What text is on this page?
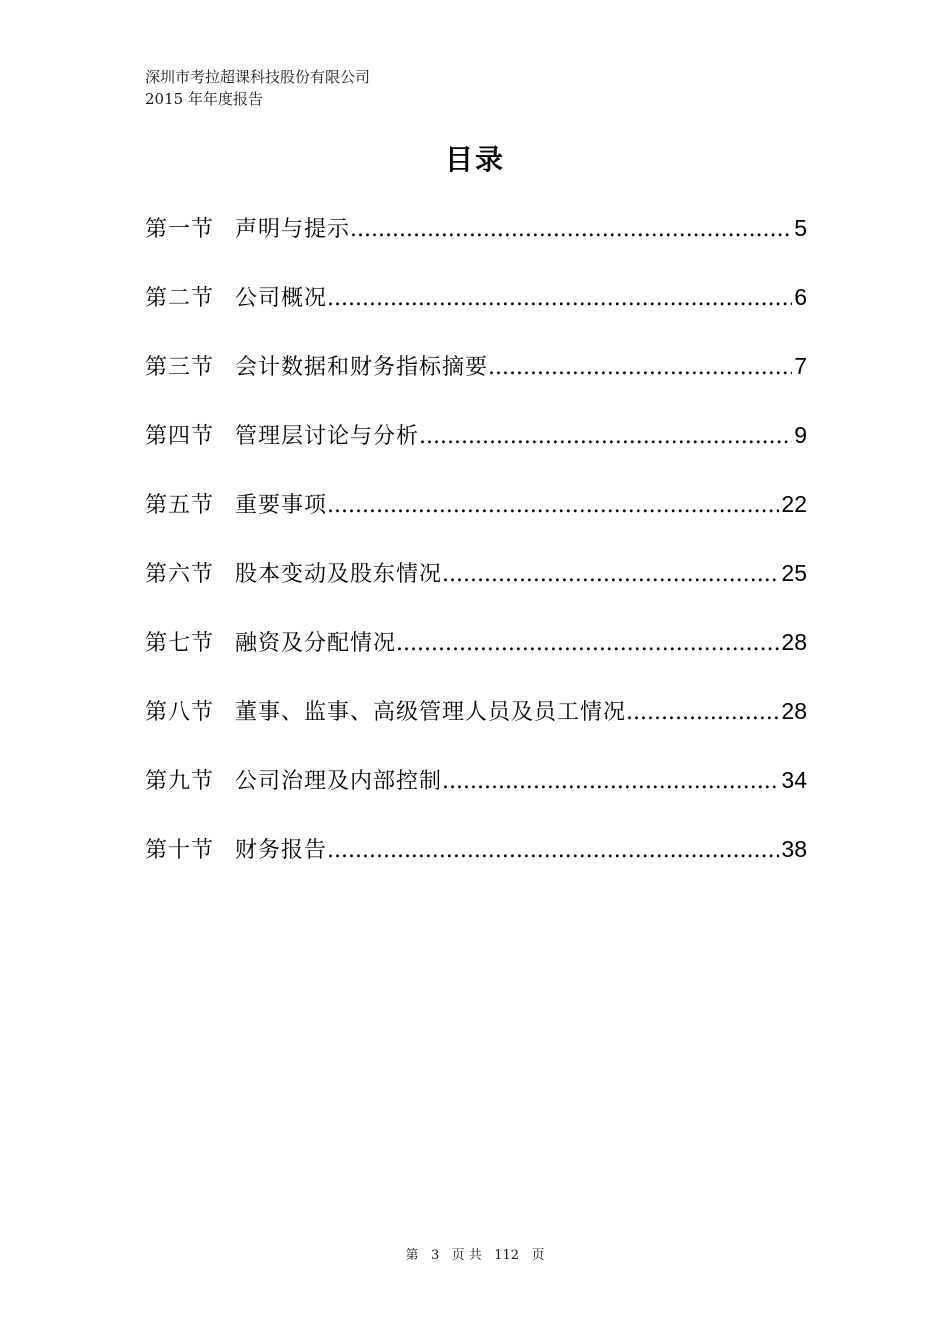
深圳市考拉超课科技股份有限公司
2015 年年度报告
目录
第一节 声明与提示 .....	5
第二节 公司概况 .....	6
第三节 会计数据和财务指标摘要 .....	7
第四节 管理层讨论与分析 .....	9
第五节 重要事项 .....	22
第六节 股本变动及股东情况 .....	25
第七节 融资及分配情况 .....	28
第八节 董事、监事、高级管理人员及员工情况 .....	28
第九节 公司治理及内部控制 .....	34
第十节 财务报告 .....	38
第 3 页 共 112 页
